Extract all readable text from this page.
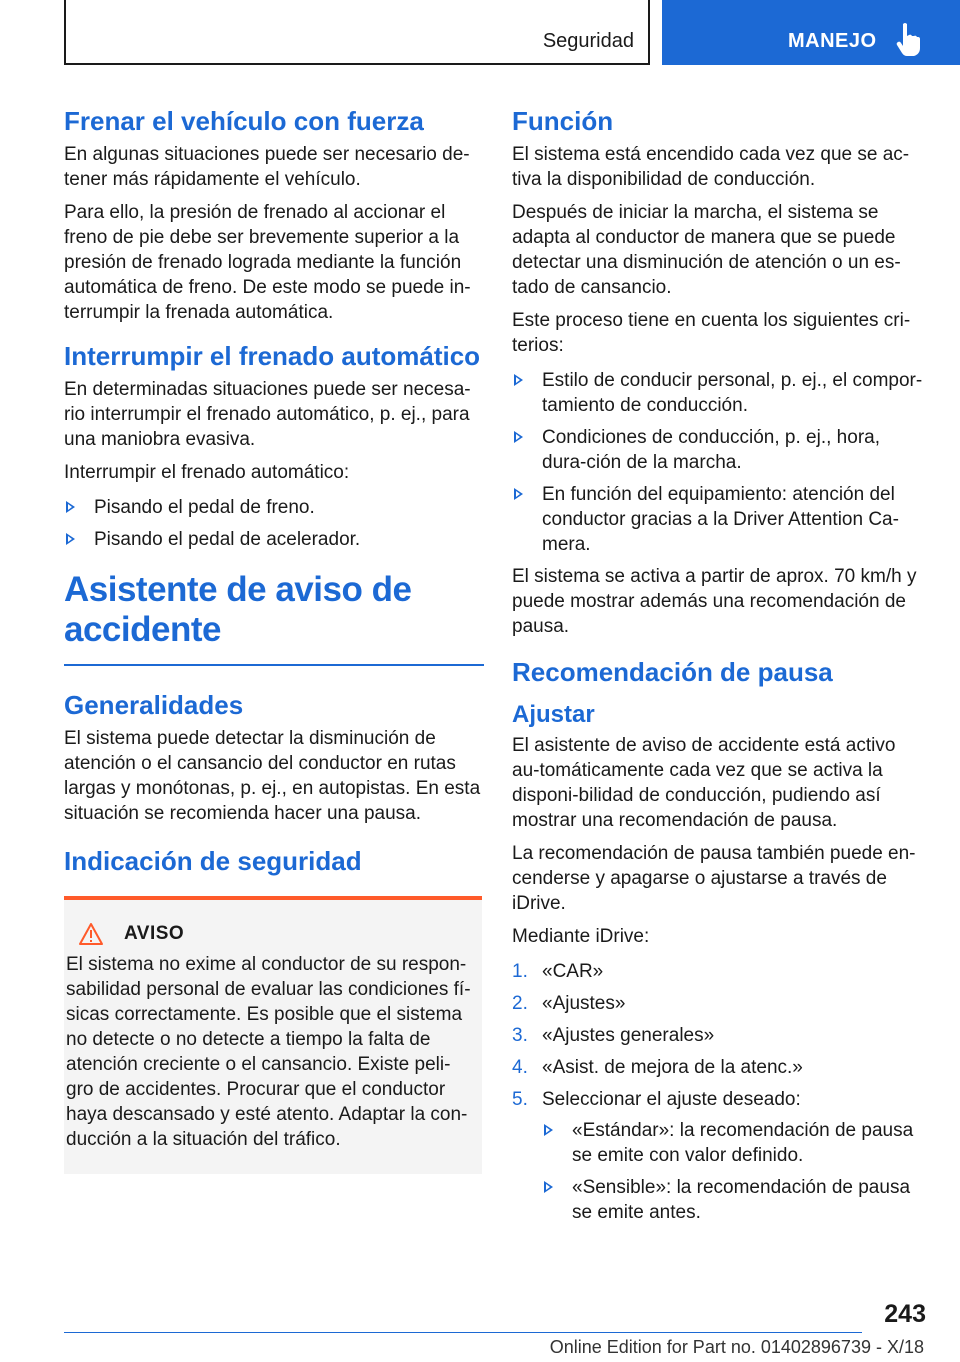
Seguridad	MANEJO
Frenar el vehículo con fuerza

En algunas situaciones puede ser necesario de-tener más rápidamente el vehículo.

Para ello, la presión de frenado al accionar el freno de pie debe ser brevemente superior a la presión de frenado lograda mediante la función automática de freno. De este modo se puede in-terrumpir la frenada automática.

Interrumpir el frenado automático

En determinadas situaciones puede ser necesa-rio interrumpir el frenado automático, p. ej., para una maniobra evasiva.

Interrumpir el frenado automático:

Pisando el pedal de freno.
Pisando el pedal de acelerador.
Asistente de aviso de accidente
Generalidades

El sistema puede detectar la disminución de atención o el cansancio del conductor en rutas largas y monótonas, p. ej., en autopistas. En esta situación se recomienda hacer una pausa.

Indicación de seguridad
AVISO

El sistema no exime al conductor de su respon-sabilidad personal de evaluar las condiciones fí-sicas correctamente. Es posible que el sistema no detecte o no detecte a tiempo la falta de atención creciente o el cansancio. Existe peli-gro de accidentes. Procurar que el conductor haya descansado y esté atento. Adaptar la con-ducción a la situación del tráfico.

Función

El sistema está encendido cada vez que se ac-tiva la disponibilidad de conducción.

Después de iniciar la marcha, el sistema se adapta al conductor de manera que se puede detectar una disminución de atención o un es-tado de cansancio.

Este proceso tiene en cuenta los siguientes cri-terios:

Estilo de conducir personal, p. ej., el compor-tamiento de conducción.
Condiciones de conducción, p. ej., hora, dura-ción de la marcha.
En función del equipamiento: atención del conductor gracias a la Driver Attention Ca-mera.

El sistema se activa a partir de aprox. 70 km/h y puede mostrar además una recomendación de pausa.

Recomendación de pausa
Ajustar

El asistente de aviso de accidente está activo au-tomáticamente cada vez que se activa la disponi-bilidad de conducción, pudiendo así mostrar una recomendación de pausa.

La recomendación de pausa también puede en-cenderse y apagarse o ajustarse a través de iDrive.

Mediante iDrive:

1. «CAR»
2. «Ajustes»
3. «Ajustes generales»
4. «Asist. de mejora de la atenc.»
5. Seleccionar el ajuste deseado:
«Estándar»: la recomendación de pausa se emite con valor definido.
«Sensible»: la recomendación de pausa se emite antes.
243
Online Edition for Part no. 01402896739 - X/18
